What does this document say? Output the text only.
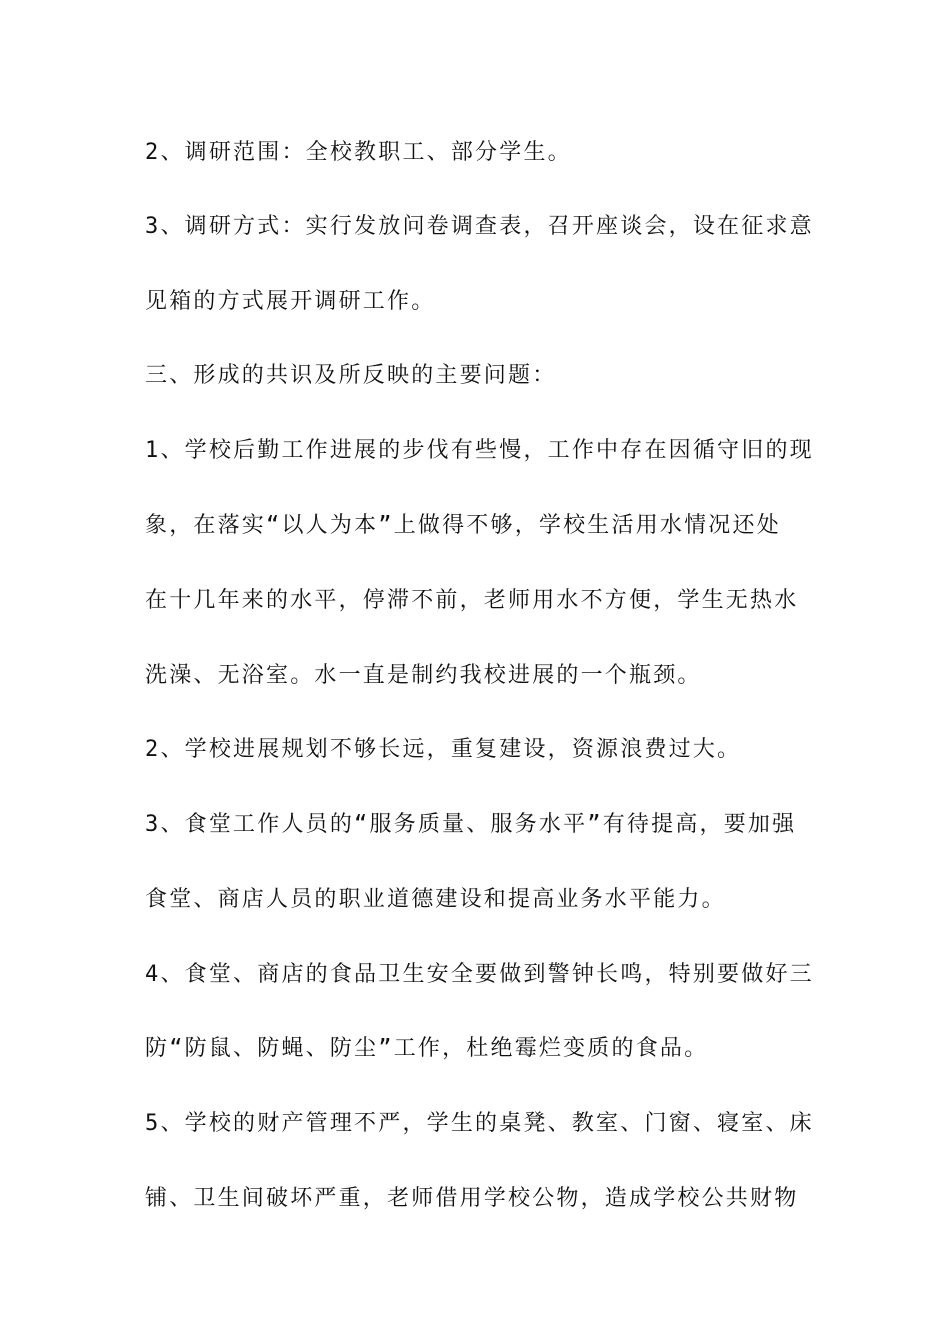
2、调研范围：全校教职工、部分学生。
3、调研方式：实行发放问卷调查表，召开座谈会，设在征求意
见箱的方式展开调研工作。
三、形成的共识及所反映的主要问题：
1、学校后勤工作进展的步伐有些慢，工作中存在因循守旧的现
象，在落实“以人为本”上做得不够，学校生活用水情况还处
在十几年来的水平，停滞不前，老师用水不方便，学生无热水
洗澡、无浴室。水一直是制约我校进展的一个瓶颈。
2、学校进展规划不够长远，重复建设，资源浪费过大。
3、食堂工作人员的“服务质量、服务水平”有待提高，要加强
食堂、商店人员的职业道德建设和提高业务水平能力。
4、食堂、商店的食品卫生安全要做到警钟长鸣，特别要做好三
防“防鼠、防蝇、防尘”工作，杜绝霉烂变质的食品。
5、学校的财产管理不严，学生的桌凳、教室、门窗、寝室、床
铺、卫生间破坏严重，老师借用学校公物，造成学校公共财物
